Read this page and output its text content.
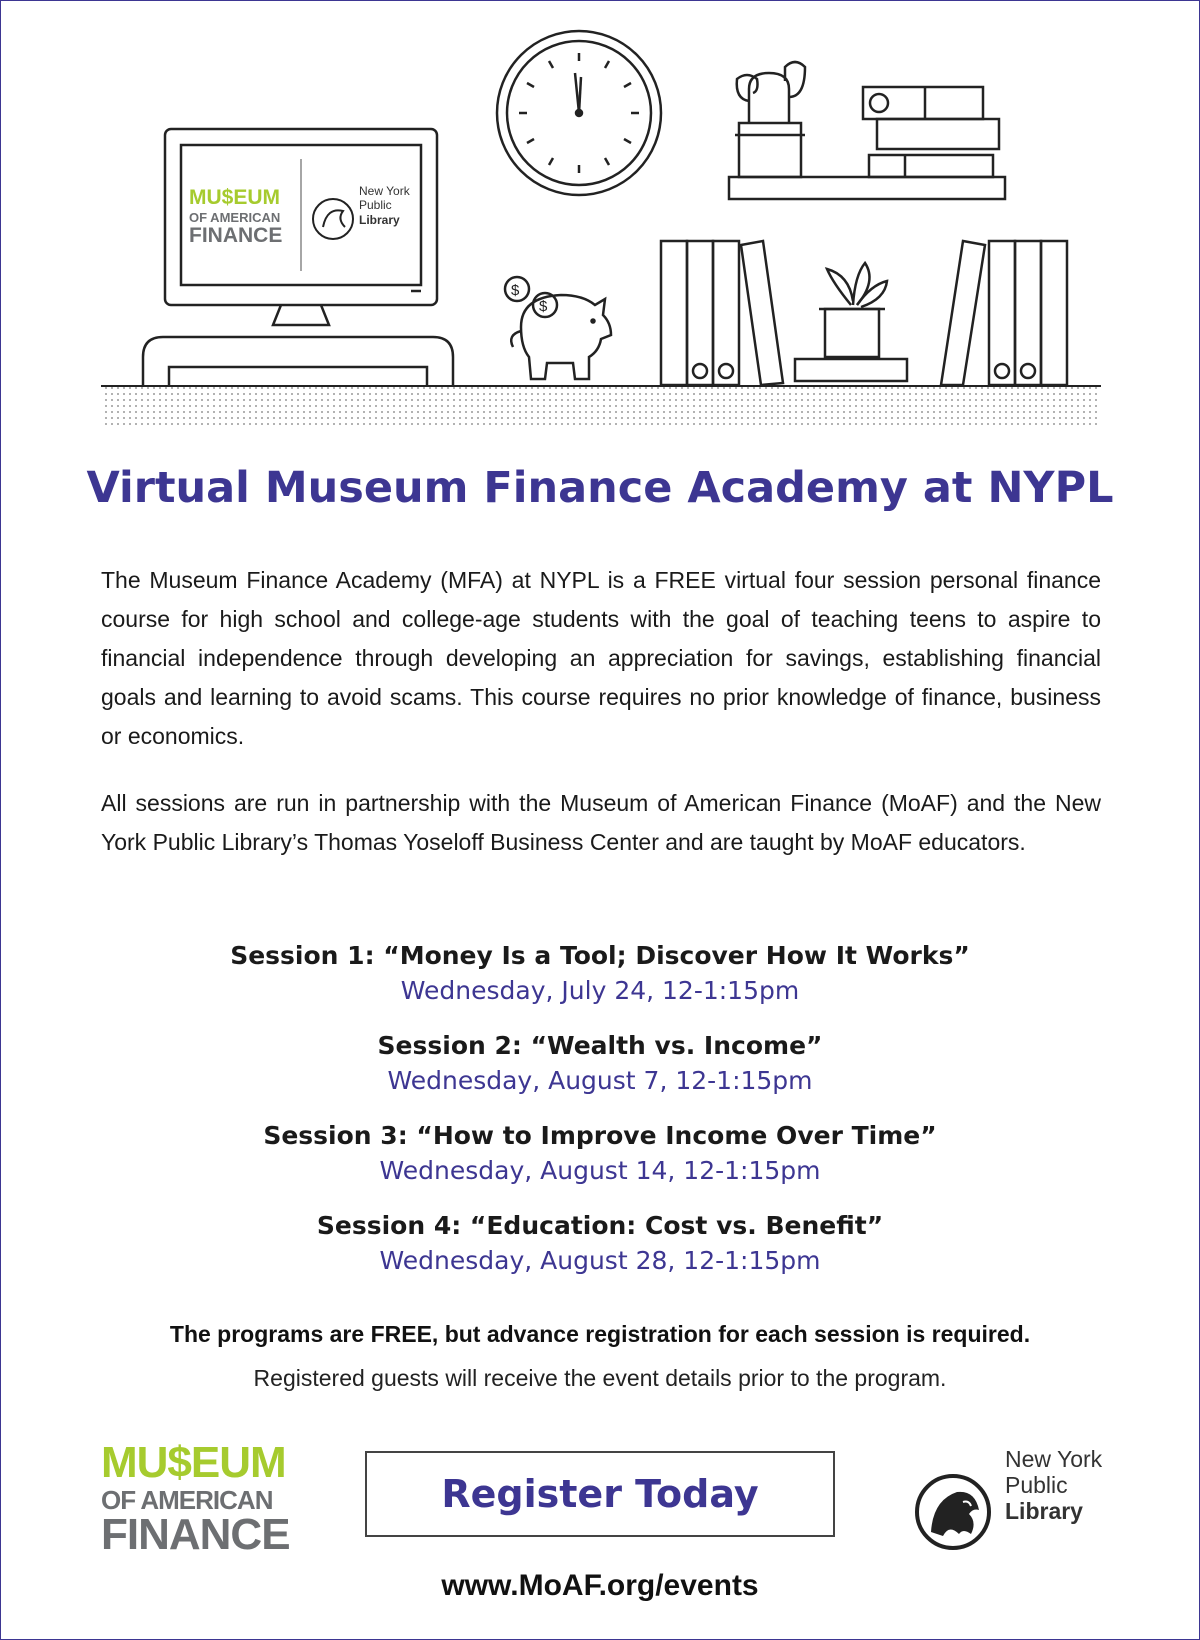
MU$EUM
OF AMERICAN
FINANCE
New York
Public
Library
$
$
Virtual Museum Finance Academy at NYPL

The Museum Finance Academy (MFA) at NYPL is a FREE virtual four session personal finance course for high school and college-age students with the goal of teaching teens to aspire to financial independence through developing an appreciation for savings, establishing financial goals and learning to avoid scams. This course requires no prior knowledge of finance, business or economics.

All sessions are run in partnership with the Museum of American Finance (MoAF) and the New York Public Library’s Thomas Yoseloff Business Center and are taught by MoAF educators.

Session 1: “Money Is a Tool; Discover How It Works”
Wednesday, July 24, 12-1:15pm
Session 2: “Wealth vs. Income”
Wednesday, August 7, 12-1:15pm
Session 3: “How to Improve Income Over Time”
Wednesday, August 14, 12-1:15pm
Session 4: “Education: Cost vs. Benefit”
Wednesday, August 28, 12-1:15pm
The programs are FREE, but advance registration for each session is required.
Registered guests will receive the event details prior to the program.
MU$EUM
OF AMERICAN
FINANCE
Register Today
New York
Public
Library
www.MoAF.org/events
